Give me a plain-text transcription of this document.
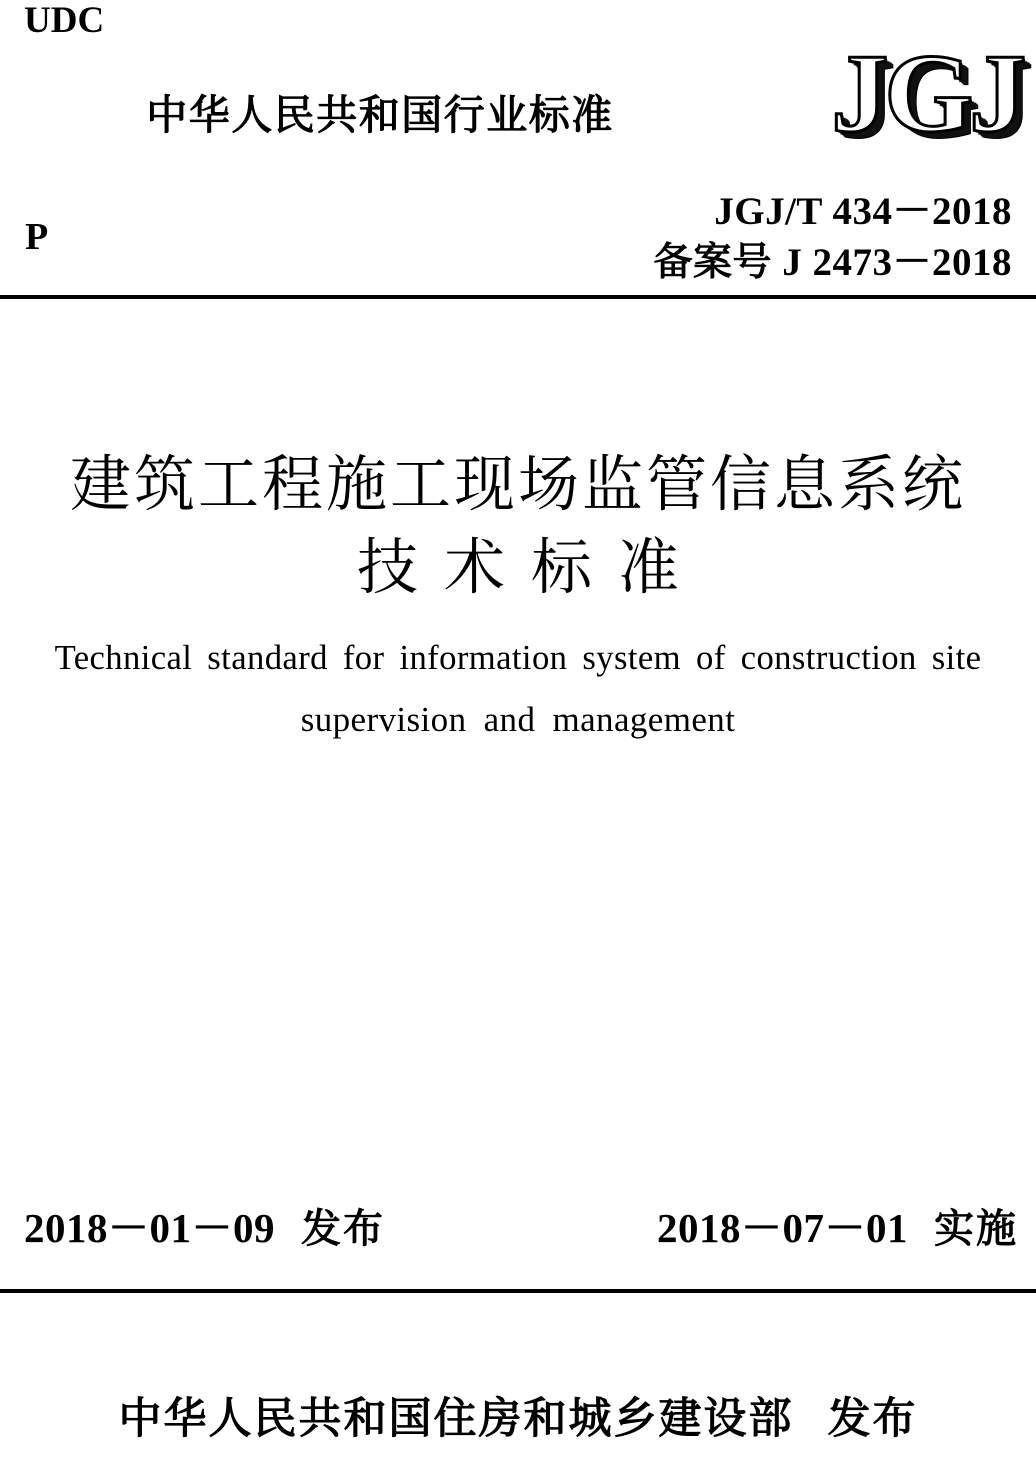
UDC
P
中华人民共和国行业标准	JGJ
JGJ/T 434－2018
备案号 J 2473－2018
建筑工程施工现场监管信息系统
技术标准
Technical standard for information system of construction site
supervision and management
2018－01－09 发布	2018－07－01 实施
中华人民共和国住房和城乡建设部 发布
